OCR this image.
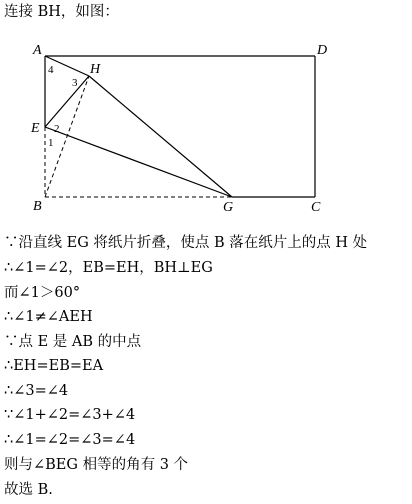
连接 BH，如图：
A	D
H
E
B	G	C
4
3
2
1
∵沿直线 EG 将纸片折叠，使点 B 落在纸片上的点 H 处
∴∠1=∠2，EB=EH，BH⊥EG
而∠1＞60°
∴∠1≠∠AEH
∵点 E 是 AB 的中点
∴EH=EB=EA
∴∠3=∠4
∵∠1+∠2=∠3+∠4
∴∠1=∠2=∠3=∠4
则与∠BEG 相等的角有 3 个
故选 B.
